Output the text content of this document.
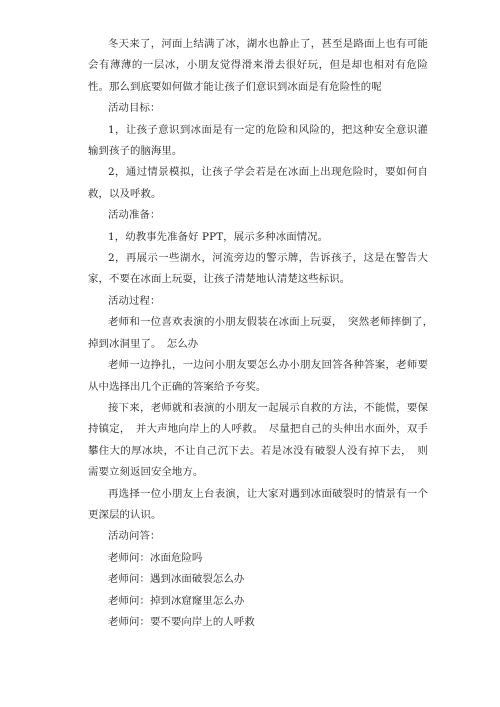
冬天来了，河面上结满了冰，湖水也静止了，甚至是路面上也有可能会有薄薄的一层冰，小朋友觉得滑来滑去很好玩，但是却也相对有危险性。那么到底要如何做才能让孩子们意识到冰面是有危险性的呢

活动目标：

1，让孩子意识到冰面是有一定的危险和风险的，把这种安全意识灌输到孩子的脑海里。

2，通过情景模拟，让孩子学会若是在冰面上出现危险时，要如何自救，以及呼救。

活动准备：

1，幼教事先准备好 PPT，展示多种冰面情况。

2，再展示一些湖水，河流旁边的警示牌，告诉孩子，这是在警告大家，不要在冰面上玩耍，让孩子清楚地认清楚这些标识。

活动过程：

老师和一位喜欢表演的小朋友假装在冰面上玩耍，　突然老师摔倒了，　掉到冰洞里了。　怎么办

老师一边挣扎，一边问小朋友要怎么办小朋友回答各种答案，老师要从中选择出几个正确的答案给予夸奖。

接下来，老师就和表演的小朋友一起展示自救的方法，不能慌，要保持镇定，　并大声地向岸上的人呼救。　尽量把自己的头伸出水面外，双手攀住大的厚冰块，不让自己沉下去。若是冰没有破裂人没有掉下去，　则需要立刻返回安全地方。

再选择一位小朋友上台表演，让大家对遇到冰面破裂时的情景有一个更深层的认识。

活动问答：

老师问：冰面危险吗

老师问：遇到冰面破裂怎么办

老师问：掉到冰窟窿里怎么办

老师问：要不要向岸上的人呼救
